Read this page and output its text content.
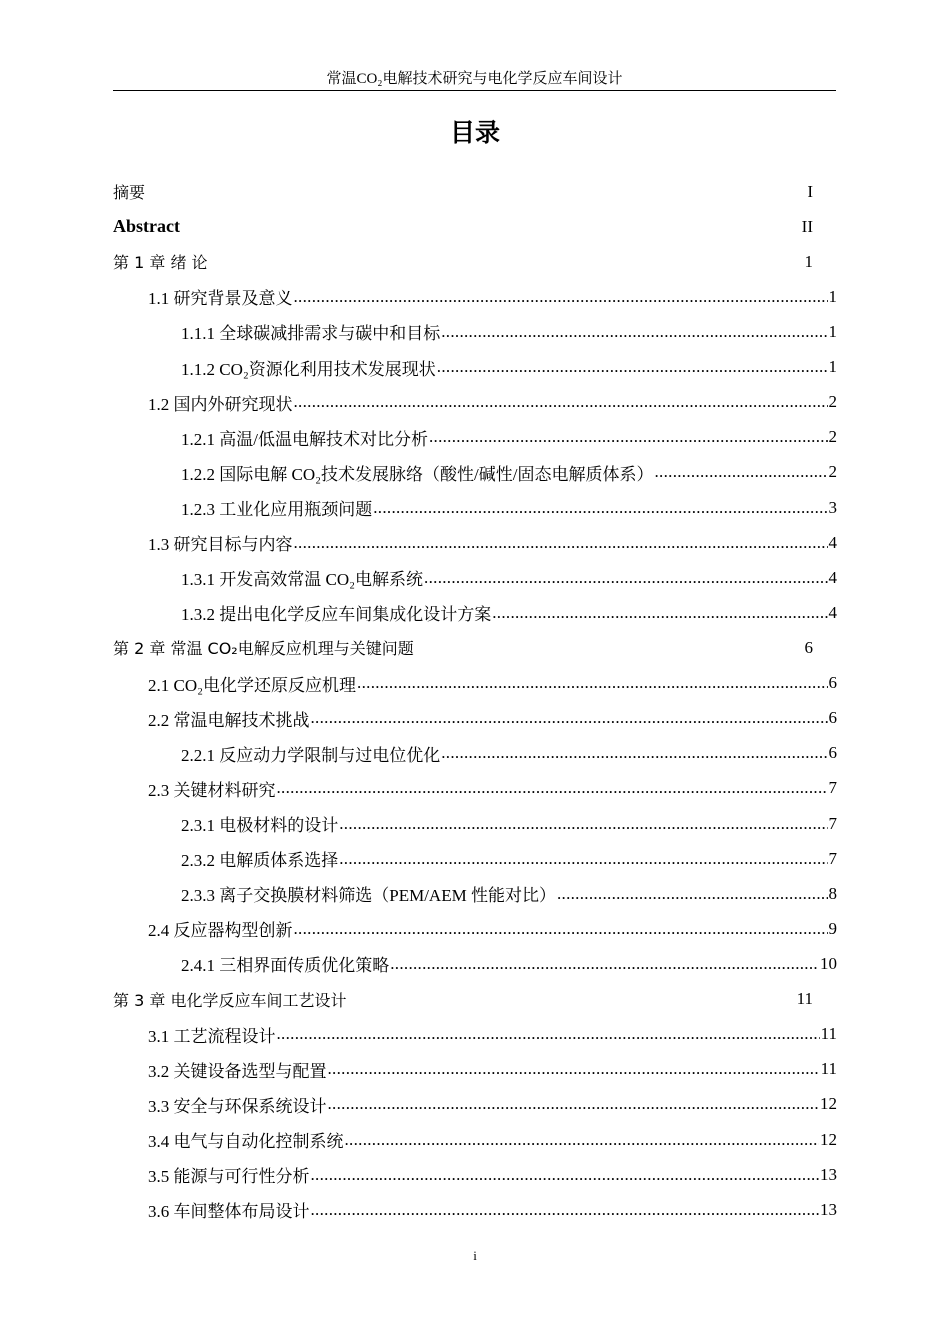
常温CO₂电解技术研究与电化学反应车间设计
目录
摘要	I
Abstract	II
第 1 章 绪 论	1
1.1 研究背景及意义 .....	1
1.1.1 全球碳减排需求与碳中和目标 .....	1
1.1.2 CO₂资源化利用技术发展现状 .....	1
1.2 国内外研究现状 .....	2
1.2.1 高温/低温电解技术对比分析 .....	2
1.2.2 国际电解 CO₂技术发展脉络（酸性/碱性/固态电解质体系） .....	2
1.2.3 工业化应用瓶颈问题 .....	3
1.3 研究目标与内容 .....	4
1.3.1 开发高效常温 CO₂电解系统 .....	4
1.3.2 提出电化学反应车间集成化设计方案 .....	4
第 2 章 常温 CO₂电解反应机理与关键问题	6
2.1 CO₂电化学还原反应机理 .....	6
2.2 常温电解技术挑战 .....	6
2.2.1 反应动力学限制与过电位优化 .....	6
2.3 关键材料研究 .....	7
2.3.1 电极材料的设计 .....	7
2.3.2 电解质体系选择 .....	7
2.3.3 离子交换膜材料筛选（PEM/AEM 性能对比） .....	8
2.4 反应器构型创新 .....	9
2.4.1 三相界面传质优化策略 .....	10
第 3 章 电化学反应车间工艺设计	11
3.1 工艺流程设计 .....	11
3.2 关键设备选型与配置 .....	11
3.3 安全与环保系统设计 .....	12
3.4 电气与自动化控制系统 .....	12
3.5 能源与可行性分析 .....	13
3.6 车间整体布局设计 .....	13
i
